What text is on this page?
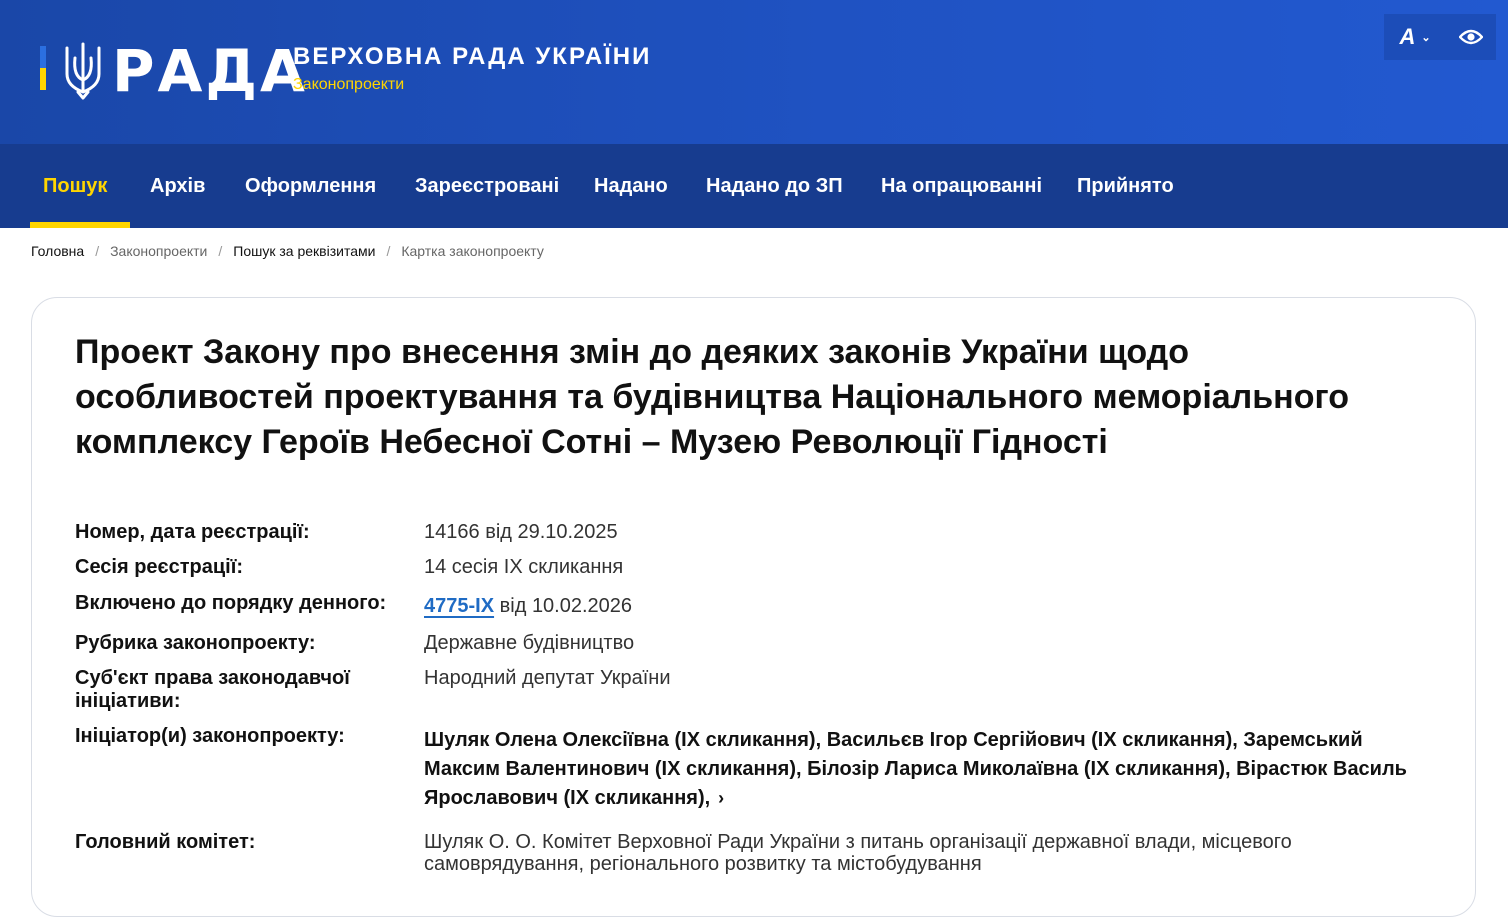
РАДА
ВЕРХОВНА РАДА УКРАЇНИ
Законопроекти
A ⌄
Пошук Архів Оформлення Зареєстровані Надано Надано до ЗП На опрацюванні Прийнято
Головна / Законопроекти / Пошук за реквізитами / Картка законопроекту
Проект Закону про внесення змін до деяких законів України щодо особливостей проектування та будівництва Національного меморіального комплексу Героїв Небесної Сотні – Музею Революції Гідності
Номер, дата реєстрації:	14166 від 29.10.2025
Сесія реєстрації:	14 сесія IX скликання
Включено до порядку денного: 4775-IX від 10.02.2026
Рубрика законопроекту:	Державне будівництво
Суб'єкт права законодавчої ініціативи:
Народний депутат України
Ініціатор(и) законопроекту:	Шуляк Олена Олексіївна (IX скликання), Васильєв Ігор Сергійович (IX скликання), Заремський Максим Валентинович (IX скликання), Білозір Лариса Миколаївна (IX скликання), Вірастюк Василь Ярославович (IX скликання), ›
Головний комітет:	Шуляк О. О. Комітет Верховної Ради України з питань організації державної влади, місцевого самоврядування, регіонального розвитку та містобудування
